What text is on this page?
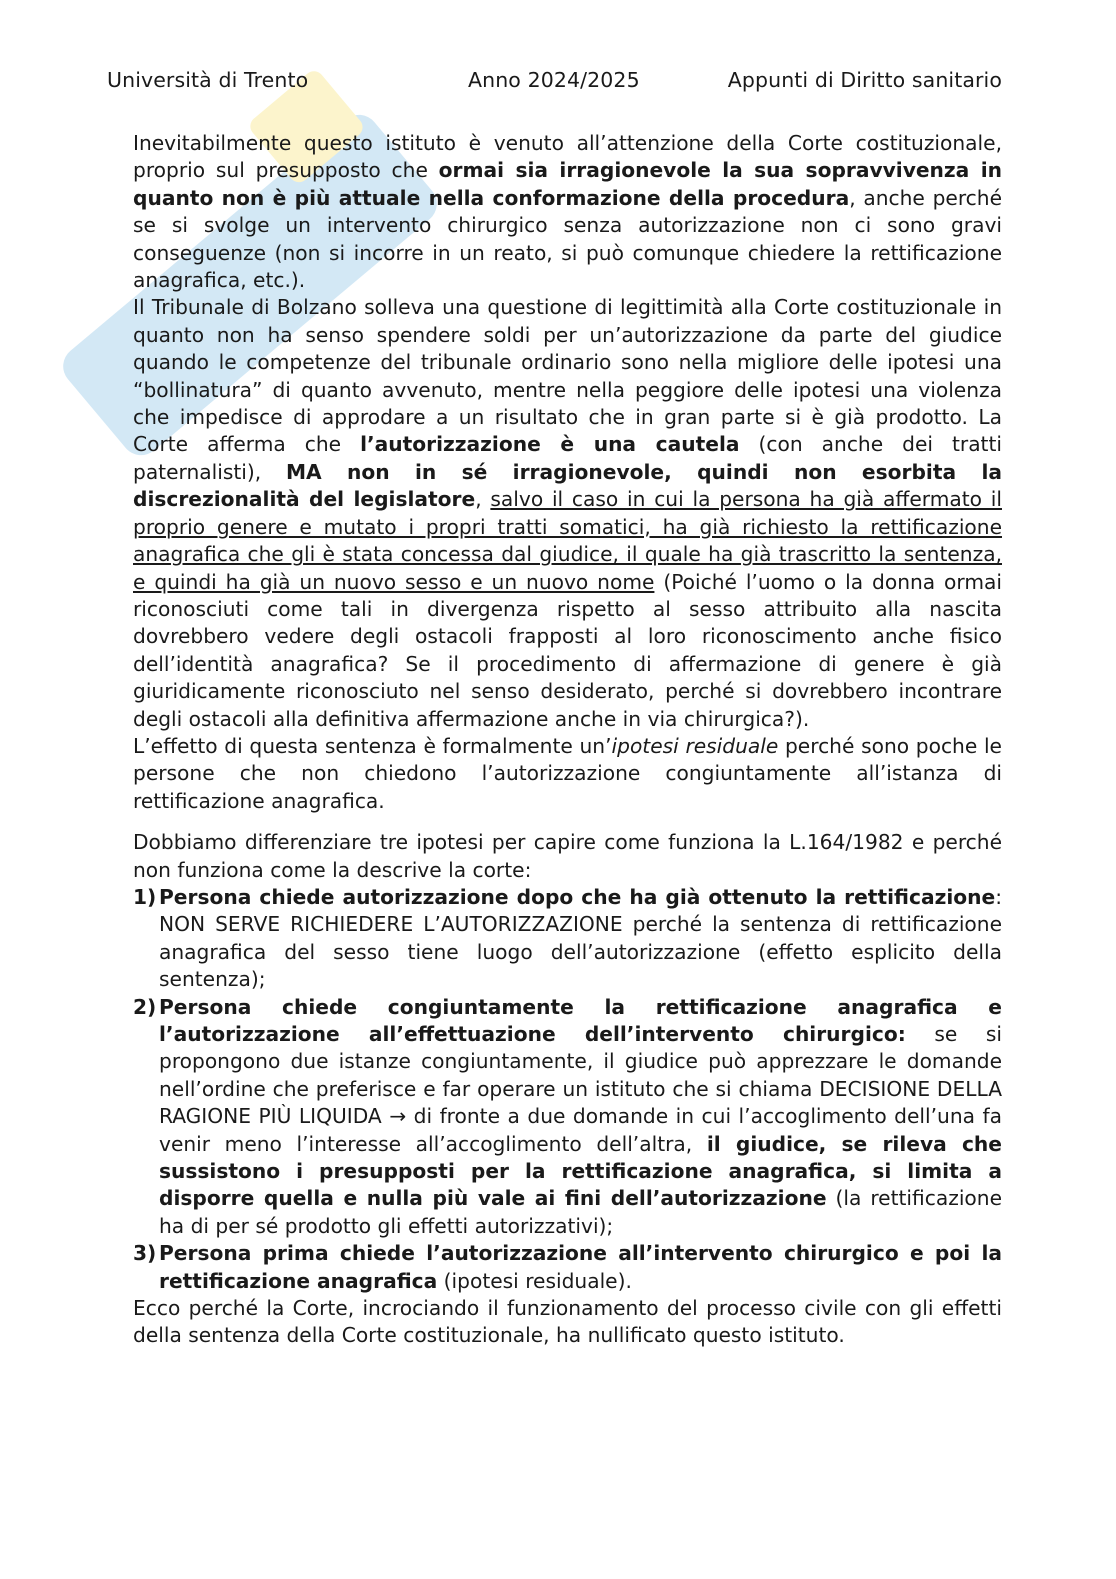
Università di Trento	Anno 2024/2025	Appunti di Diritto sanitario

Inevitabilmente questo istituto è venuto all’attenzione della Corte costituzionale, proprio sul presupposto che ormai sia irragionevole la sua sopravvivenza in quanto non è più attuale nella conformazione della procedura, anche perché se si svolge un intervento chirurgico senza autorizzazione non ci sono gravi conseguenze (non si incorre in un reato, si può comunque chiedere la rettificazione anagrafica, etc.).

Il Tribunale di Bolzano solleva una questione di legittimità alla Corte costituzionale in quanto non ha senso spendere soldi per un’autorizzazione da parte del giudice quando le competenze del tribunale ordinario sono nella migliore delle ipotesi una “bollinatura” di quanto avvenuto, mentre nella peggiore delle ipotesi una violenza che impedisce di approdare a un risultato che in gran parte si è già prodotto. La Corte afferma che l’autorizzazione è una cautela (con anche dei tratti paternalisti), MA non in sé irragionevole, quindi non esorbita la discrezionalità del legislatore, salvo il caso in cui la persona ha già affermato il proprio genere e mutato i propri tratti somatici, ha già richiesto la rettificazione anagrafica che gli è stata concessa dal giudice, il quale ha già trascritto la sentenza, e quindi ha già un nuovo sesso e un nuovo nome (Poiché l’uomo o la donna ormai riconosciuti come tali in divergenza rispetto al sesso attribuito alla nascita dovrebbero vedere degli ostacoli frapposti al loro riconoscimento anche fisico dell’identità anagrafica? Se il procedimento di affermazione di genere è già giuridicamente riconosciuto nel senso desiderato, perché si dovrebbero incontrare degli ostacoli alla definitiva affermazione anche in via chirurgica?).

L’effetto di questa sentenza è formalmente un’ipotesi residuale perché sono poche le persone che non chiedono l’autorizzazione congiuntamente all’istanza di rettificazione anagrafica.

Dobbiamo differenziare tre ipotesi per capire come funziona la L.164/1982 e perché non funziona come la descrive la corte:

1) Persona chiede autorizzazione dopo che ha già ottenuto la rettificazione: NON SERVE RICHIEDERE L’AUTORIZZAZIONE perché la sentenza di rettificazione anagrafica del sesso tiene luogo dell’autorizzazione (effetto esplicito della sentenza);
2) Persona chiede congiuntamente la rettificazione anagrafica e l’autorizzazione all’effettuazione dell’intervento chirurgico: se si propongono due istanze congiuntamente, il giudice può apprezzare le domande nell’ordine che preferisce e far operare un istituto che si chiama DECISIONE DELLA RAGIONE PIÙ LIQUIDA → di fronte a due domande in cui l’accoglimento dell’una fa venir meno l’interesse all’accoglimento dell’altra, il giudice, se rileva che sussistono i presupposti per la rettificazione anagrafica, si limita a disporre quella e nulla più vale ai fini dell’autorizzazione (la rettificazione ha di per sé prodotto gli effetti autorizzativi);
3) Persona prima chiede l’autorizzazione all’intervento chirurgico e poi la rettificazione anagrafica (ipotesi residuale).

Ecco perché la Corte, incrociando il funzionamento del processo civile con gli effetti della sentenza della Corte costituzionale, ha nullificato questo istituto.
